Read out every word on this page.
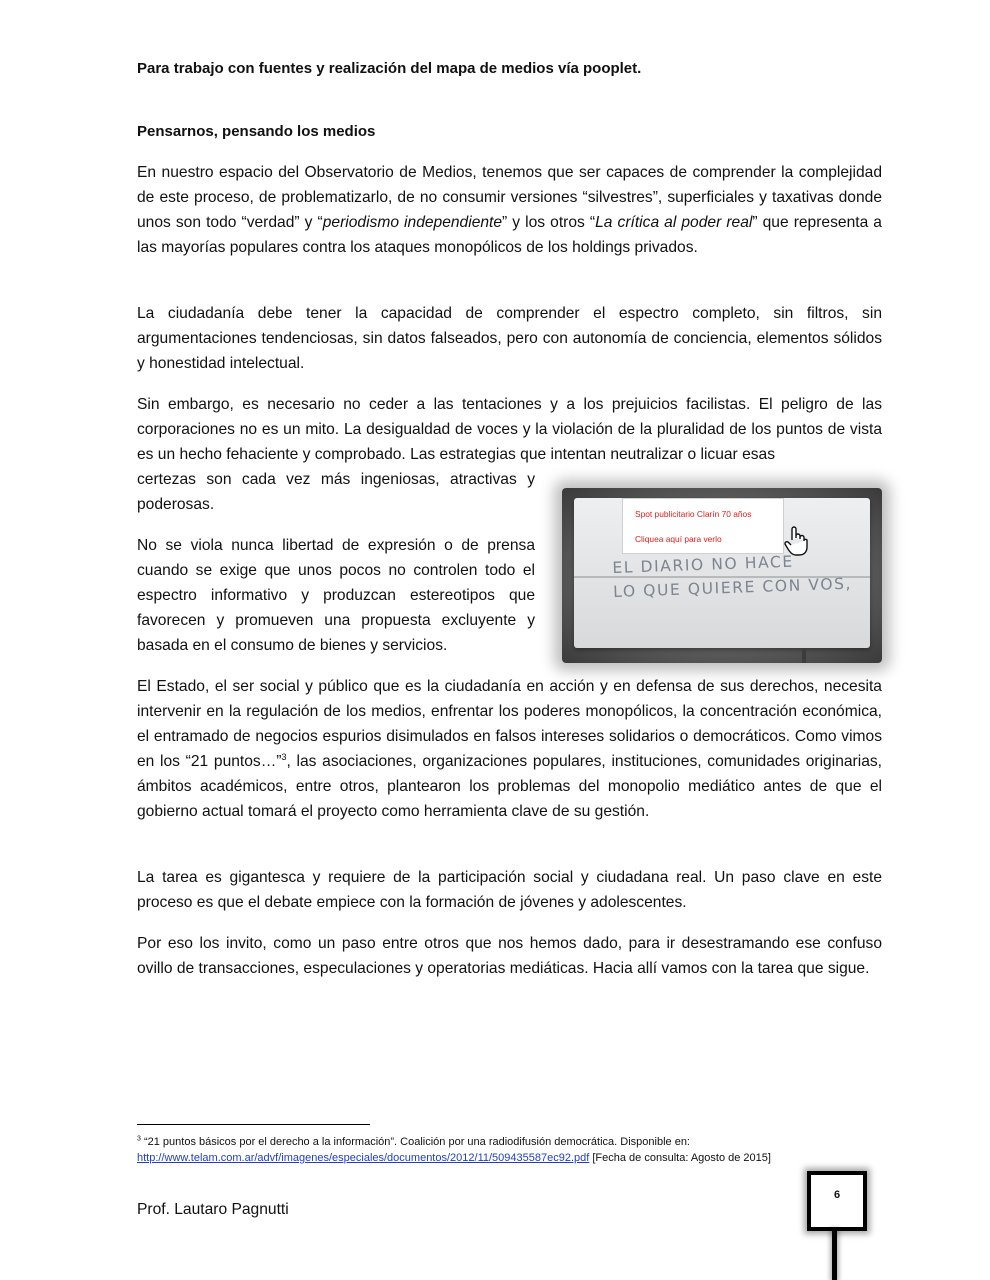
Para trabajo con fuentes y realización del mapa de medios vía pooplet.
Pensarnos, pensando los medios

En nuestro espacio del Observatorio de Medios, tenemos que ser capaces de comprender la complejidad de este proceso, de problematizarlo, de no consumir versiones “silvestres”, superficiales y taxativas donde unos son todo “verdad” y “periodismo independiente” y los otros “La crítica al poder real” que representa a las mayorías populares contra los ataques monopólicos de los holdings privados.

La ciudadanía debe tener la capacidad de comprender el espectro completo, sin filtros, sin argumentaciones tendenciosas, sin datos falseados, pero con autonomía de conciencia, elementos sólidos y honestidad intelectual.

Sin embargo, es necesario no ceder a las tentaciones y a los prejuicios facilistas. El peligro de las corporaciones no es un mito. La desigualdad de voces y la violación de la pluralidad de los puntos de vista es un hecho fehaciente y comprobado. Las estrategias que intentan neutralizar o licuar esas

certezas son cada vez más ingeniosas, atractivas y poderosas.

No se viola nunca libertad de expresión o de prensa cuando se exige que unos pocos no controlen todo el espectro informativo y produzcan estereotipos que favorecen y promueven una propuesta excluyente y basada en el consumo de bienes y servicios.

Spot publicitario Clarín 70 años
Cliquea aquí para verlo
EL DIARIO NO HACE
LO QUE QUIERE CON VOS,

El Estado, el ser social y público que es la ciudadanía en acción y en defensa de sus derechos, necesita intervenir en la regulación de los medios, enfrentar los poderes monopólicos, la concentración económica, el entramado de negocios espurios disimulados en falsos intereses solidarios o democráticos. Como vimos en los “21 puntos…”$^3$, las asociaciones, organizaciones populares, instituciones, comunidades originarias, ámbitos académicos, entre otros, plantearon los problemas del monopolio mediático antes de que el gobierno actual tomará el proyecto como herramienta clave de su gestión.

La tarea es gigantesca y requiere de la participación social y ciudadana real. Un paso clave en este proceso es que el debate empiece con la formación de jóvenes y adolescentes.

Por eso los invito, como un paso entre otros que nos hemos dado, para ir desestramando ese confuso ovillo de transacciones, especulaciones y operatorias mediáticas. Hacia allí vamos con la tarea que sigue.

$^3$ “21 puntos básicos por el derecho a la información”. Coalición por una radiodifusión democrática. Disponible en:
http://www.telam.com.ar/advf/imagenes/especiales/documentos/2012/11/509435587ec92.pdf [Fecha de consulta: Agosto de 2015]
Prof. Lautaro Pagnutti
6
